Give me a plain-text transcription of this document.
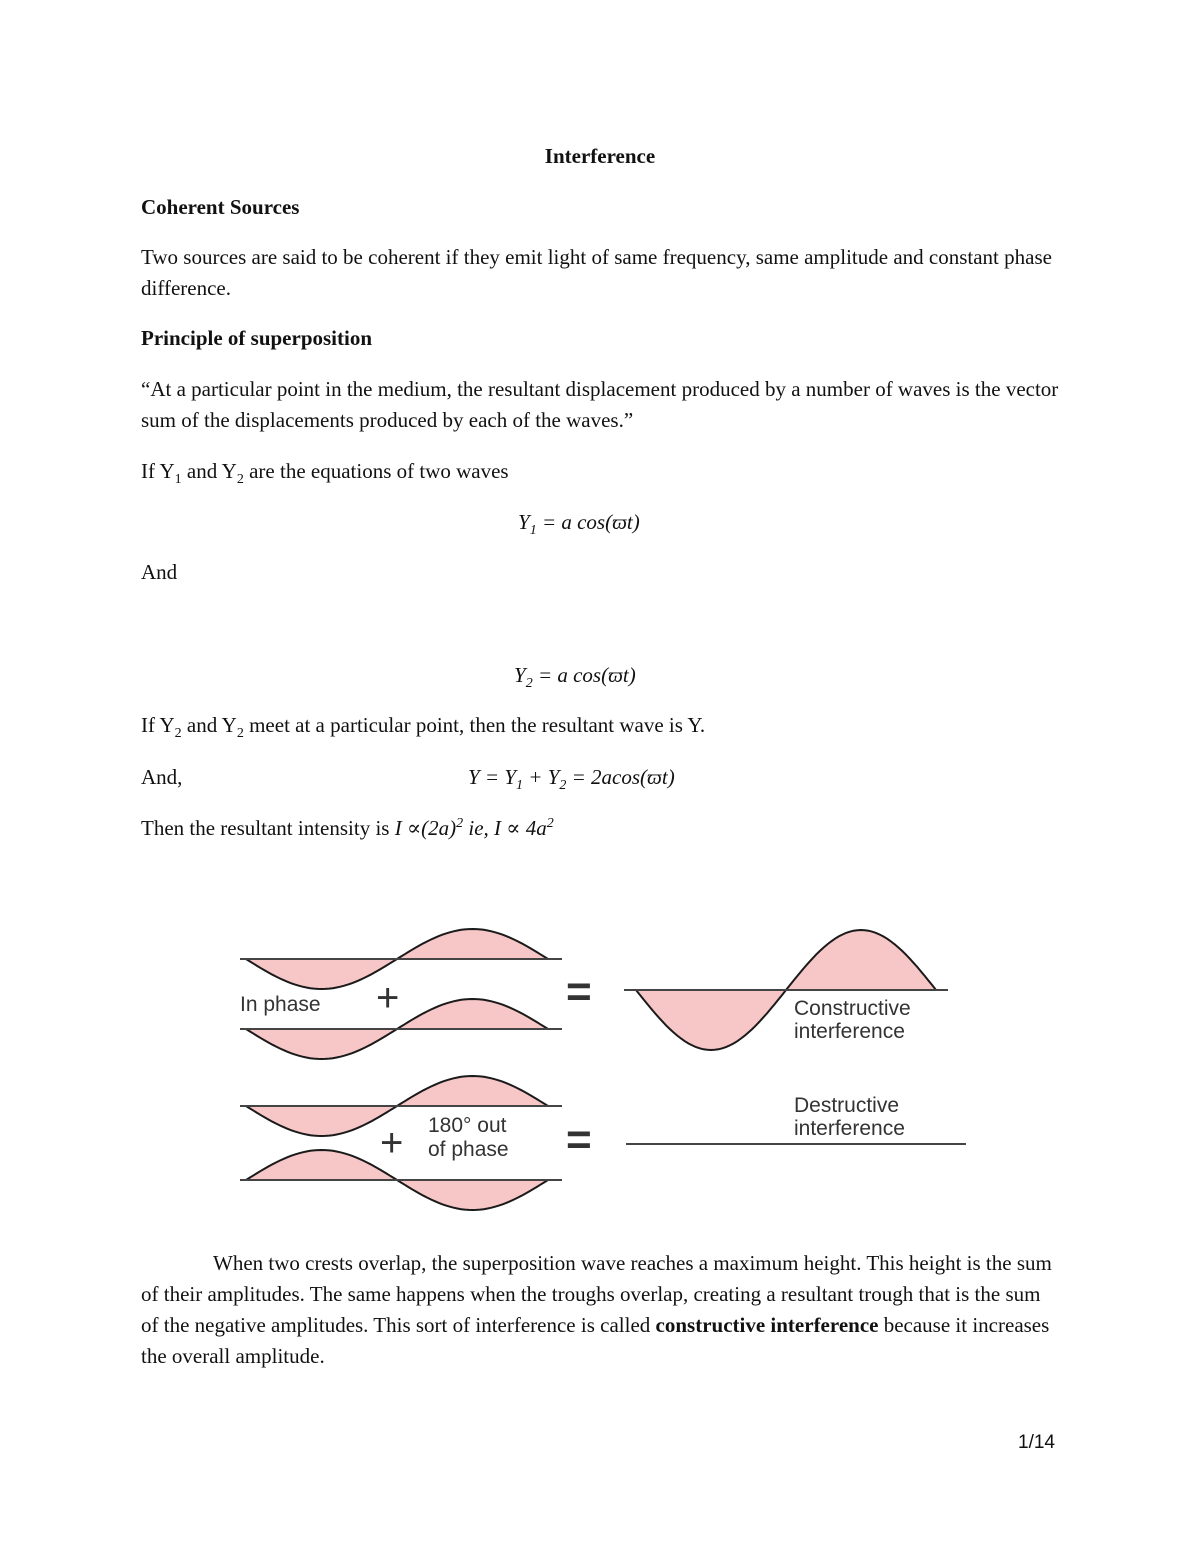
Interference
Coherent Sources
Two sources are said to be coherent if they emit light of same frequency, same amplitude and constant phase difference.
Principle of superposition
“At a particular point in the medium, the resultant displacement produced by a number of waves is the vector sum of the displacements produced by each of the waves.”
If $Y_1$ and $Y_2$ are the equations of two waves
$Y_1 = a$ cos(ϖt)
And
$Y_2 = a$ cos(ϖt)
If $Y_2$ and $Y_2$ meet at a particular point, then the resultant wave is Y.
And,	$Y = Y_1 + Y_2 = 2acos(ϖt)$
Then the resultant intensity is $I \propto(2a)^2$ ie, $I \propto 4a^2$
In phase +	=	Constructive
interference
Destructive
interference
180° out
of phase
+	=
When two crests overlap, the superposition wave reaches a maximum height. This height is the sum of their amplitudes. The same happens when the troughs overlap, creating a resultant trough that is the sum of the negative amplitudes. This sort of interference is called constructive interference because it increases the overall amplitude.
1/14
